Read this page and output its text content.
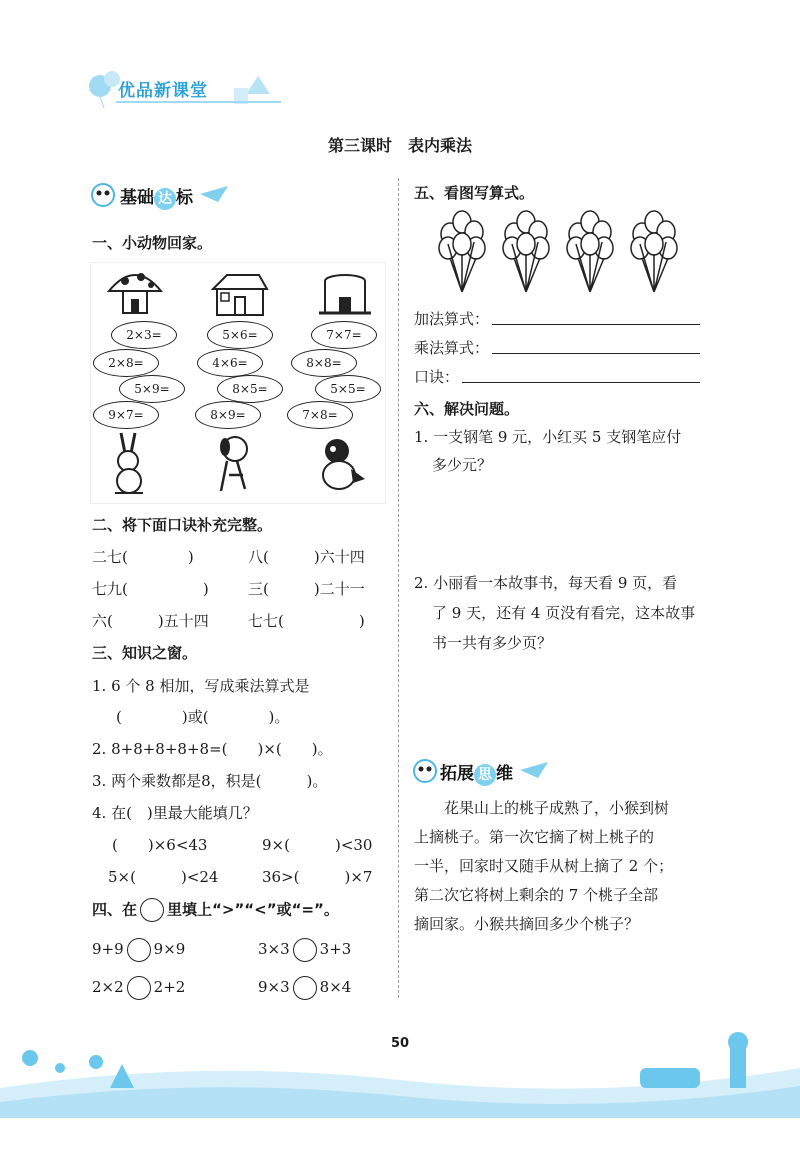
优品新课堂
第三课时　表内乘法
基础 达 标
一、小动物回家。
2×3=	5×6=	7×7=
2×8=	4×6=	8×8=
5×9=	8×5=	5×5=
9×7=	8×9=	7×8=
二、将下面口诀补充完整。
二七(　　　　)	八(　　　)六十四
七九(　　　　　)	三(　　　)二十一
六(　　　)五十四	七七(　　　　　)
三、知识之窗。
1. 6 个 8 相加，写成乘法算式是
(　　　　)或(　　　　)。
2. 8+8+8+8+8=(　　)×(　　)。
3. 两个乘数都是8，积是(　　　)。
4. 在(　)里最大能填几？
(　　)×6<43	9×(　　　)<30
5×(　　　)<24	36>(　　　)×7
四、在 里填上“>”“<”或“=”。
9+9 9×9	3×3 3+3
2×2 2+2	9×3 8×4
五、看图写算式。
加法算式：
乘法算式：
口诀：
六、解决问题。
1. 一支钢笔 9 元，小红买 5 支钢笔应付
多少元？
2. 小丽看一本故事书，每天看 9 页，看
了 9 天，还有 4 页没有看完，这本故事
书一共有多少页？
拓展 思 维
花果山上的桃子成熟了，小猴到树
上摘桃子。第一次它摘了树上桃子的
一半，回家时又随手从树上摘了 2 个；
第二次它将树上剩余的 7 个桃子全部
摘回家。小猴共摘回多少个桃子？
50
